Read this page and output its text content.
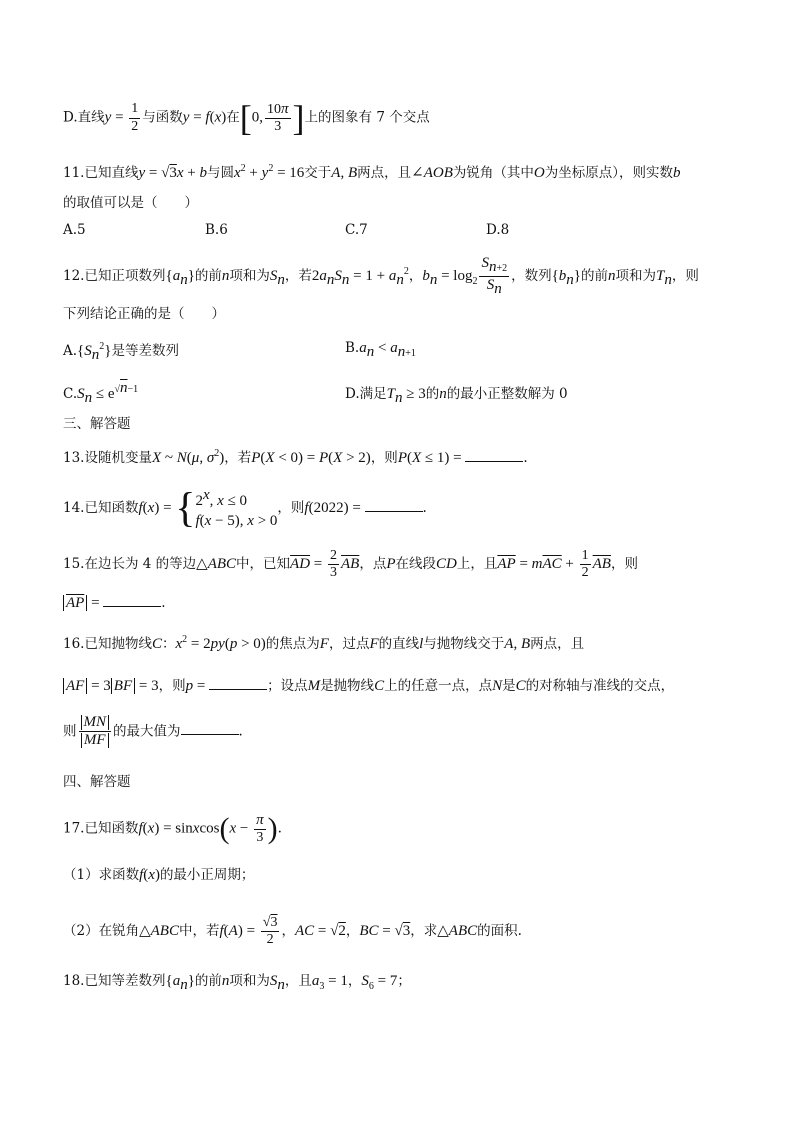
D.直线$y = \frac{1}{2}$ 与函数y = f(x)在[0, $\frac{10\pi}{3}$ ]上的图象有 7 个交点
11.已知直线y = √3x + b与圆$x^2 + y^2 = 16$交于A, B两点，且∠AOB为锐角（其中O为坐标原点），则实数b
的取值可以是（　　）
A.5	B.6	C.7	D.8
12.已知正项数列$\{a_n\}$的前n项和为$S_n$，若$2a_nS_n = 1 + a_n^2$，$b_n = \log_2 \frac{S_{n+2}}{S_n}$ ，数列$\{b_n\}$的前n项和为$T_n$，则
下列结论正确的是（　　）
$A.\{S_n^2\}$是等差数列	$B.a_n < a_{n+1}$
$C.S_n \le e^{√n-1}$	D.满足$T_n \ge 3$的n的最小正整数解为 0
三、解答题
13.设随机变量X ~ N(μ, $\sigma^2$)，若P(X < 0) = P(X > 2)，则P(X ≤ 1) =	.
14.已知函数f(x) = { 2$^x$, x ≤ 0
f(x − 5), x > 0
，则f(2022) =	.
15.在边长为 4 的等边△ABC中，已知$\overline{AD} = \frac{2}{3} \overline{AB}$，点P在线段CD上，且$\overline{AP} = m\overline{AC} + \frac{1}{2} \overline{AB}$，则
$\overline{AP}$ =	.
16.已知抛物线C：$x^2 = 2py(p > 0)$的焦点为F，过点F的直线l与抛物线交于A, B两点，且
AF = 3 BF = 3，则p =	；设点M是抛物线C上的任意一点，点N是C的对称轴与准线的交点，
则 $\frac{MN}{MF}$ 的最大值为	.
四、解答题
17.已知函数f(x) = sinxcos(x − $\frac{\pi}{3}$ ).
（1）求函数f(x)的最小正周期；
（2）在锐角△ABC中，若$f(A) = \frac{√3}{2}$ ，AC = √2，BC = √3，求△ABC的面积.
18.已知等差数列$\{a_n\}$的前n项和为$S_n$，且$a_3 = 1$，$S_6 = 7$；
